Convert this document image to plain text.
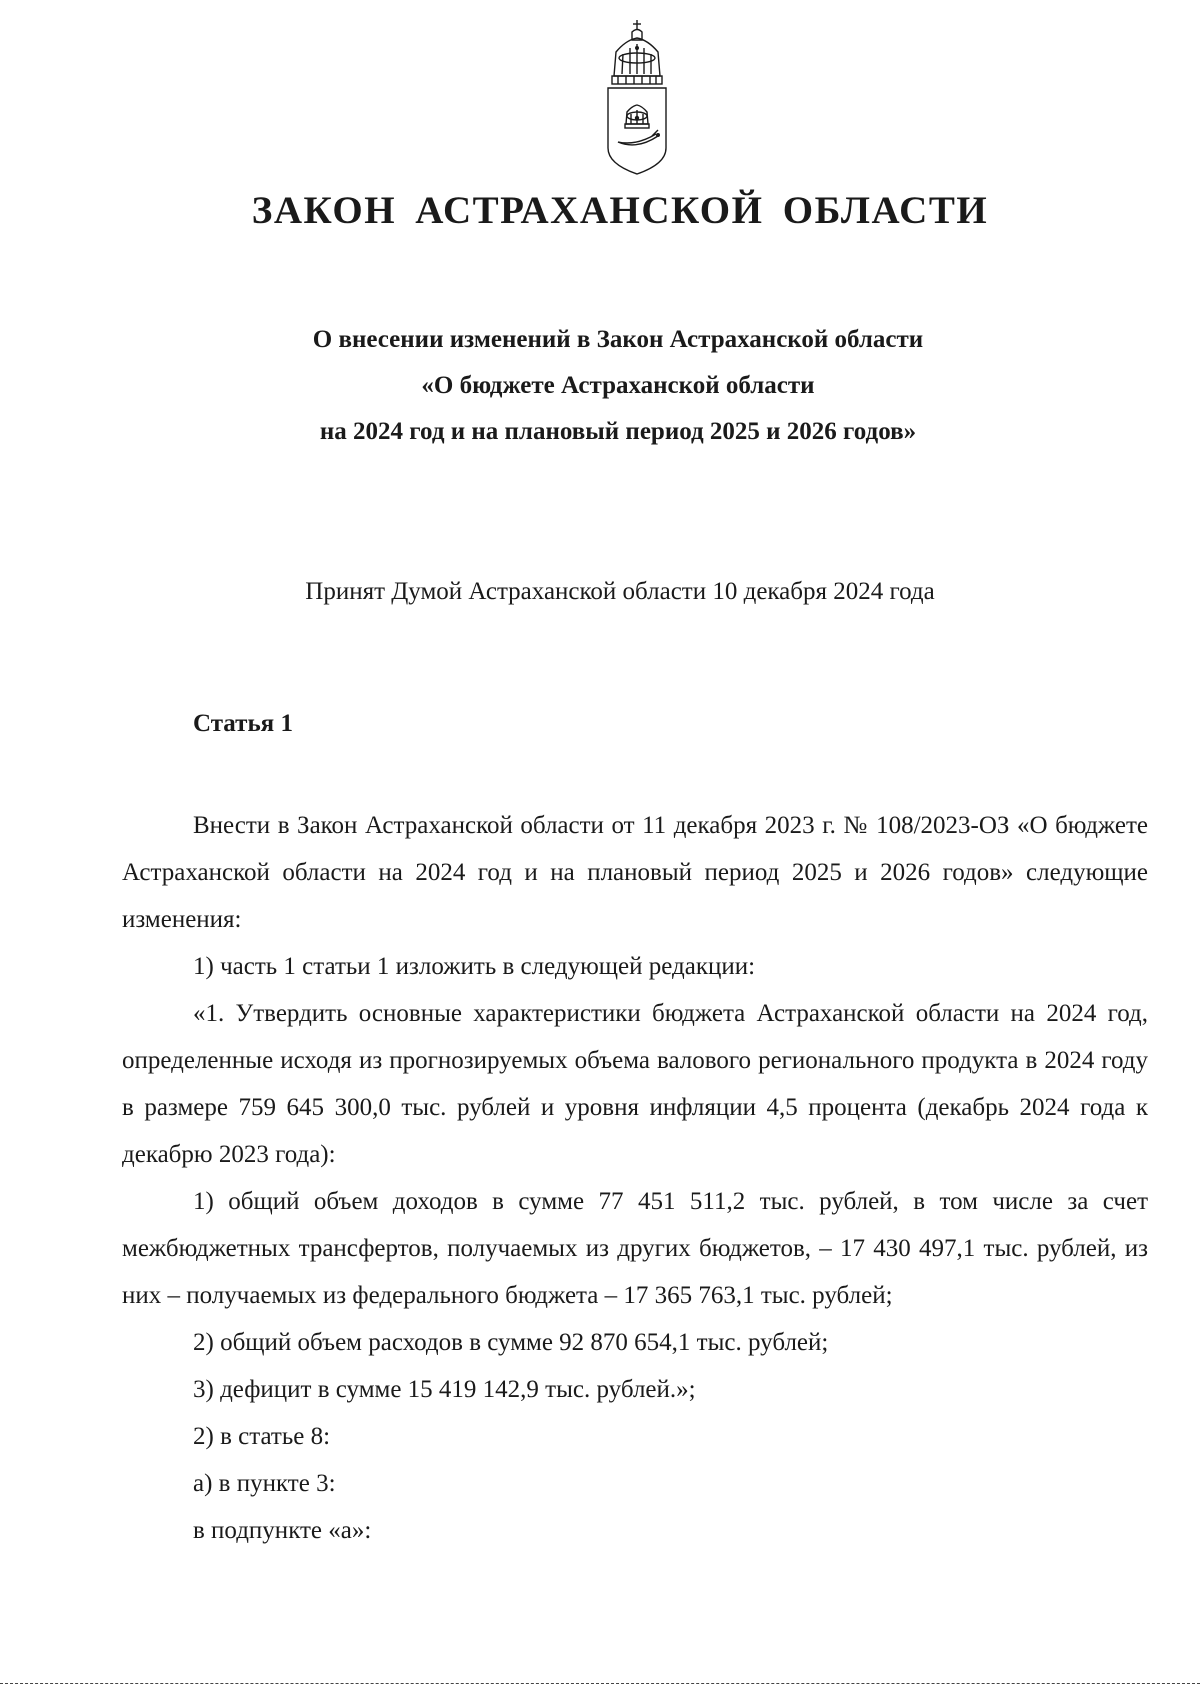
ЗАКОН АСТРАХАНСКОЙ ОБЛАСТИ
О внесении изменений в Закон Астраханской области
«О бюджете Астраханской области
на 2024 год и на плановый период 2025 и 2026 годов»
Принят Думой Астраханской области 10 декабря 2024 года
Статья 1

Внести в Закон Астраханской области от 11 декабря 2023 г. № 108/2023-ОЗ «О бюджете Астраханской области на 2024 год и на плановый период 2025 и 2026 годов» следующие изменения:

1) часть 1 статьи 1 изложить в следующей редакции:

«1. Утвердить основные характеристики бюджета Астраханской области на 2024 год, определенные исходя из прогнозируемых объема валового регионального продукта в 2024 году в размере 759 645 300,0 тыс. рублей и уровня инфляции 4,5 процента (декабрь 2024 года к декабрю 2023 года):

1) общий объем доходов в сумме 77 451 511,2 тыс. рублей, в том числе за счет межбюджетных трансфертов, получаемых из других бюджетов, – 17 430 497,1 тыс. рублей, из них – получаемых из федерального бюджета – 17 365 763,1 тыс. рублей;

2) общий объем расходов в сумме 92 870 654,1 тыс. рублей;

3) дефицит в сумме 15 419 142,9 тыс. рублей.»;

2) в статье 8:

а) в пункте 3:

в подпункте «а»:
